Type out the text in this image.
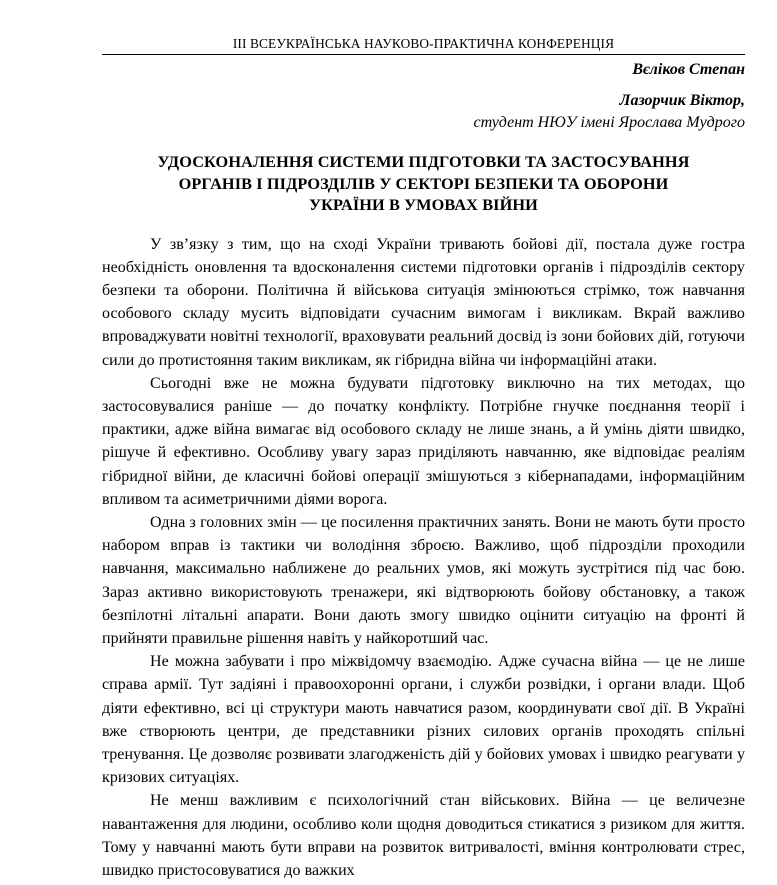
III ВСЕУКРАЇНСЬКА НАУКОВО-ПРАКТИЧНА КОНФЕРЕНЦІЯ
Вєліков Степан
Лазорчик Віктор,
студент НЮУ імені Ярослава Мудрого
УДОСКОНАЛЕННЯ СИСТЕМИ ПІДГОТОВКИ ТА ЗАСТОСУВАННЯ
ОРГАНІВ І ПІДРОЗДІЛІВ У СЕКТОРІ БЕЗПЕКИ ТА ОБОРОНИ
УКРАЇНИ В УМОВАХ ВІЙНИ

У зв’язку з тим, що на сході України тривають бойові дії, постала дуже гостра необхідність оновлення та вдосконалення системи підготовки органів і підрозділів сектору безпеки та оборони. Політична й військова ситуація змінюються стрімко, тож навчання особового складу мусить відповідати сучасним вимогам і викликам. Вкрай важливо впроваджувати новітні технології, враховувати реальний досвід із зони бойових дій, готуючи сили до протистояння таким викликам, як гібридна війна чи інформаційні атаки.

Сьогодні вже не можна будувати підготовку виключно на тих методах, що застосовувалися раніше — до початку конфлікту. Потрібне гнучке поєднання теорії і практики, адже війна вимагає від особового складу не лише знань, а й умінь діяти швидко, рішуче й ефективно. Особливу увагу зараз приділяють навчанню, яке відповідає реаліям гібридної війни, де класичні бойові операції змішуються з кібернападами, інформаційним впливом та асиметричними діями ворога.

Одна з головних змін — це посилення практичних занять. Вони не мають бути просто набором вправ із тактики чи володіння зброєю. Важливо, щоб підрозділи проходили навчання, максимально наближене до реальних умов, які можуть зустрітися під час бою. Зараз активно використовують тренажери, які відтворюють бойову обстановку, а також безпілотні літальні апарати. Вони дають змогу швидко оцінити ситуацію на фронті й прийняти правильне рішення навіть у найкоротший час.

Не можна забувати і про міжвідомчу взаємодію. Адже сучасна війна — це не лише справа армії. Тут задіяні і правоохоронні органи, і служби розвідки, і органи влади. Щоб діяти ефективно, всі ці структури мають навчатися разом, координувати свої дії. В Україні вже створюють центри, де представники різних силових органів проходять спільні тренування. Це дозволяє розвивати злагодженість дій у бойових умовах і швидко реагувати у кризових ситуаціях.

Не менш важливим є психологічний стан військових. Війна — це величезне навантаження для людини, особливо коли щодня доводиться стикатися з ризиком для життя. Тому у навчанні мають бути вправи на розвиток витривалості, вміння контролювати стрес, швидко пристосовуватися до важких
